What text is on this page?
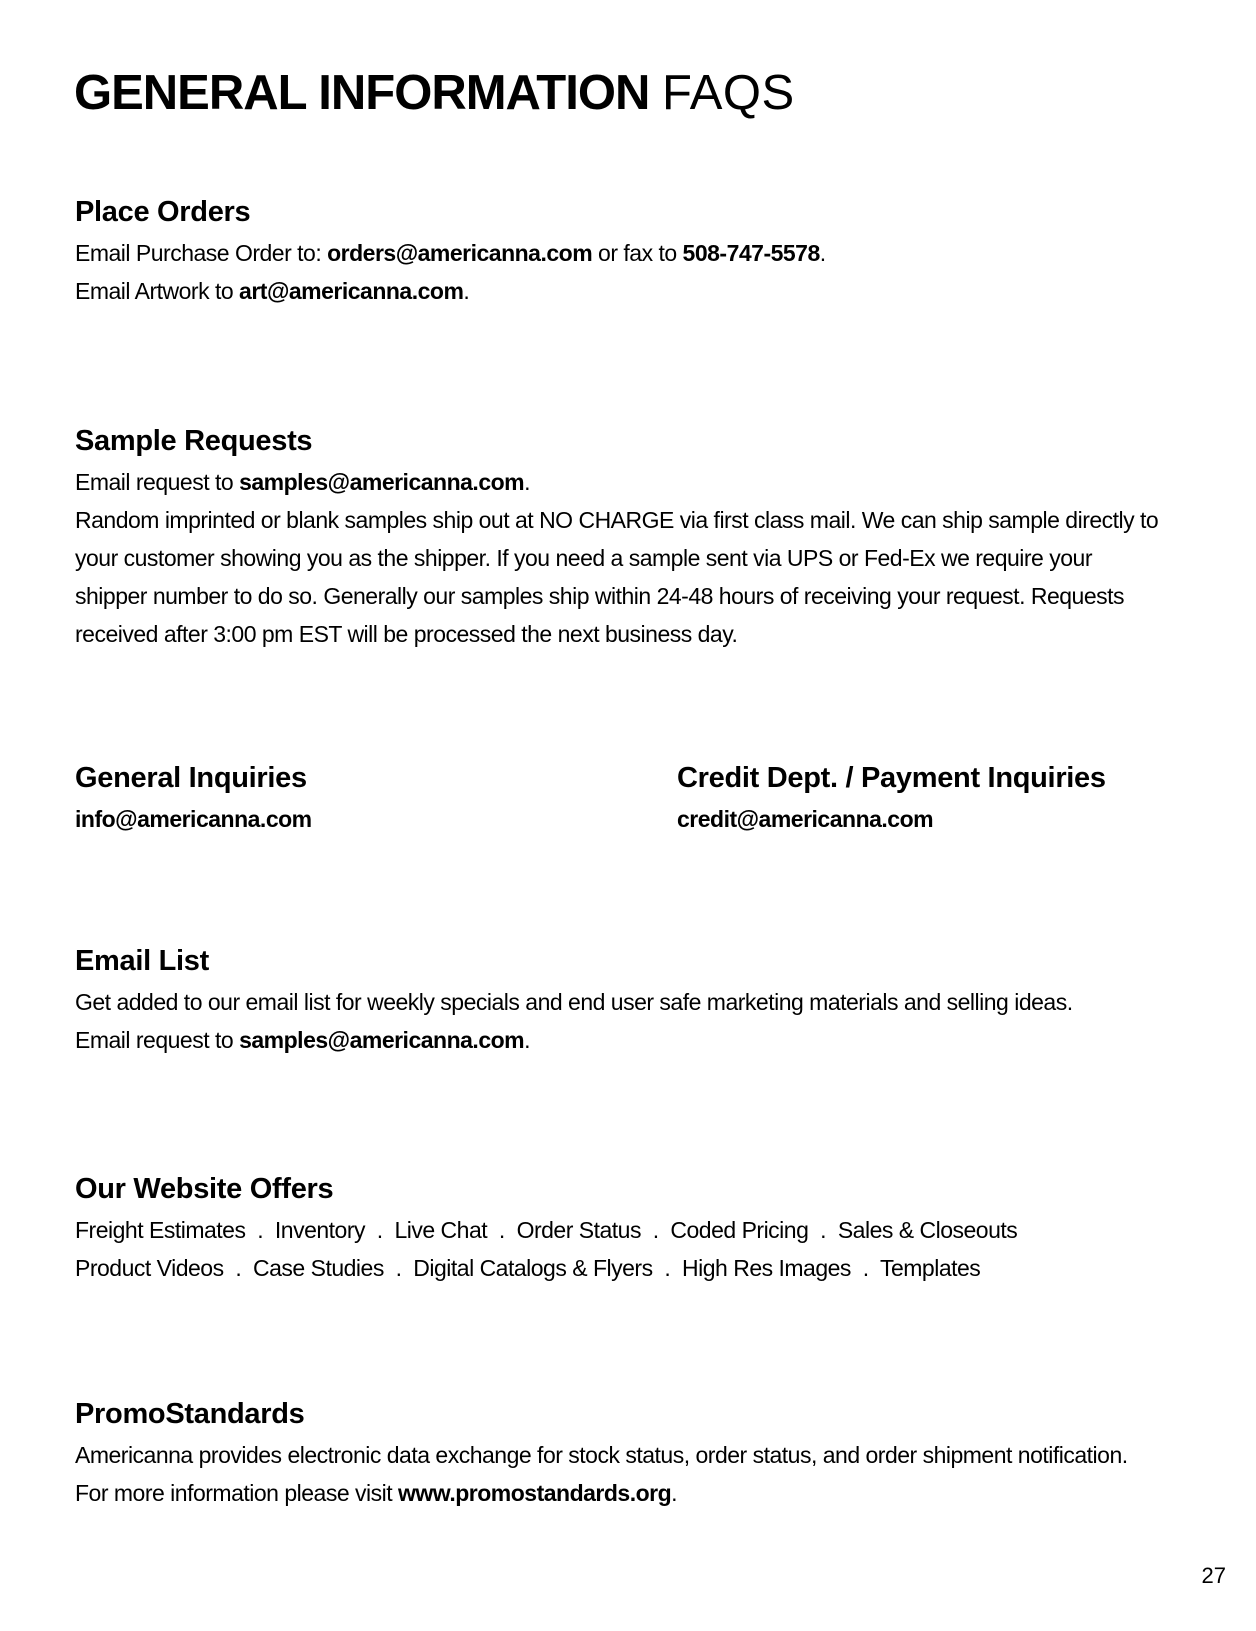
GENERAL INFORMATION FAQS
Place Orders

Email Purchase Order to: orders@americanna.com or fax to 508-747-5578.

Email Artwork to art@americanna.com.

Sample Requests

Email request to samples@americanna.com.

Random imprinted or blank samples ship out at NO CHARGE via first class mail. We can ship sample directly to your customer showing you as the shipper. If you need a sample sent via UPS or Fed-Ex we require your shipper number to do so. Generally our samples ship within 24-48 hours of receiving your request. Requests received after 3:00 pm EST will be processed the next business day.

General Inquiries

info@americanna.com

Credit Dept. / Payment Inquiries

credit@americanna.com

Email List

Get added to our email list for weekly specials and end user safe marketing materials and selling ideas.

Email request to samples@americanna.com.

Our Website Offers

Freight Estimates  .  Inventory  .  Live Chat  .  Order Status  .  Coded Pricing  .  Sales & Closeouts

Product Videos  .  Case Studies  .  Digital Catalogs & Flyers  .  High Res Images  .  Templates

PromoStandards

Americanna provides electronic data exchange for stock status, order status, and order shipment notification. For more information please visit www.promostandards.org.

27
